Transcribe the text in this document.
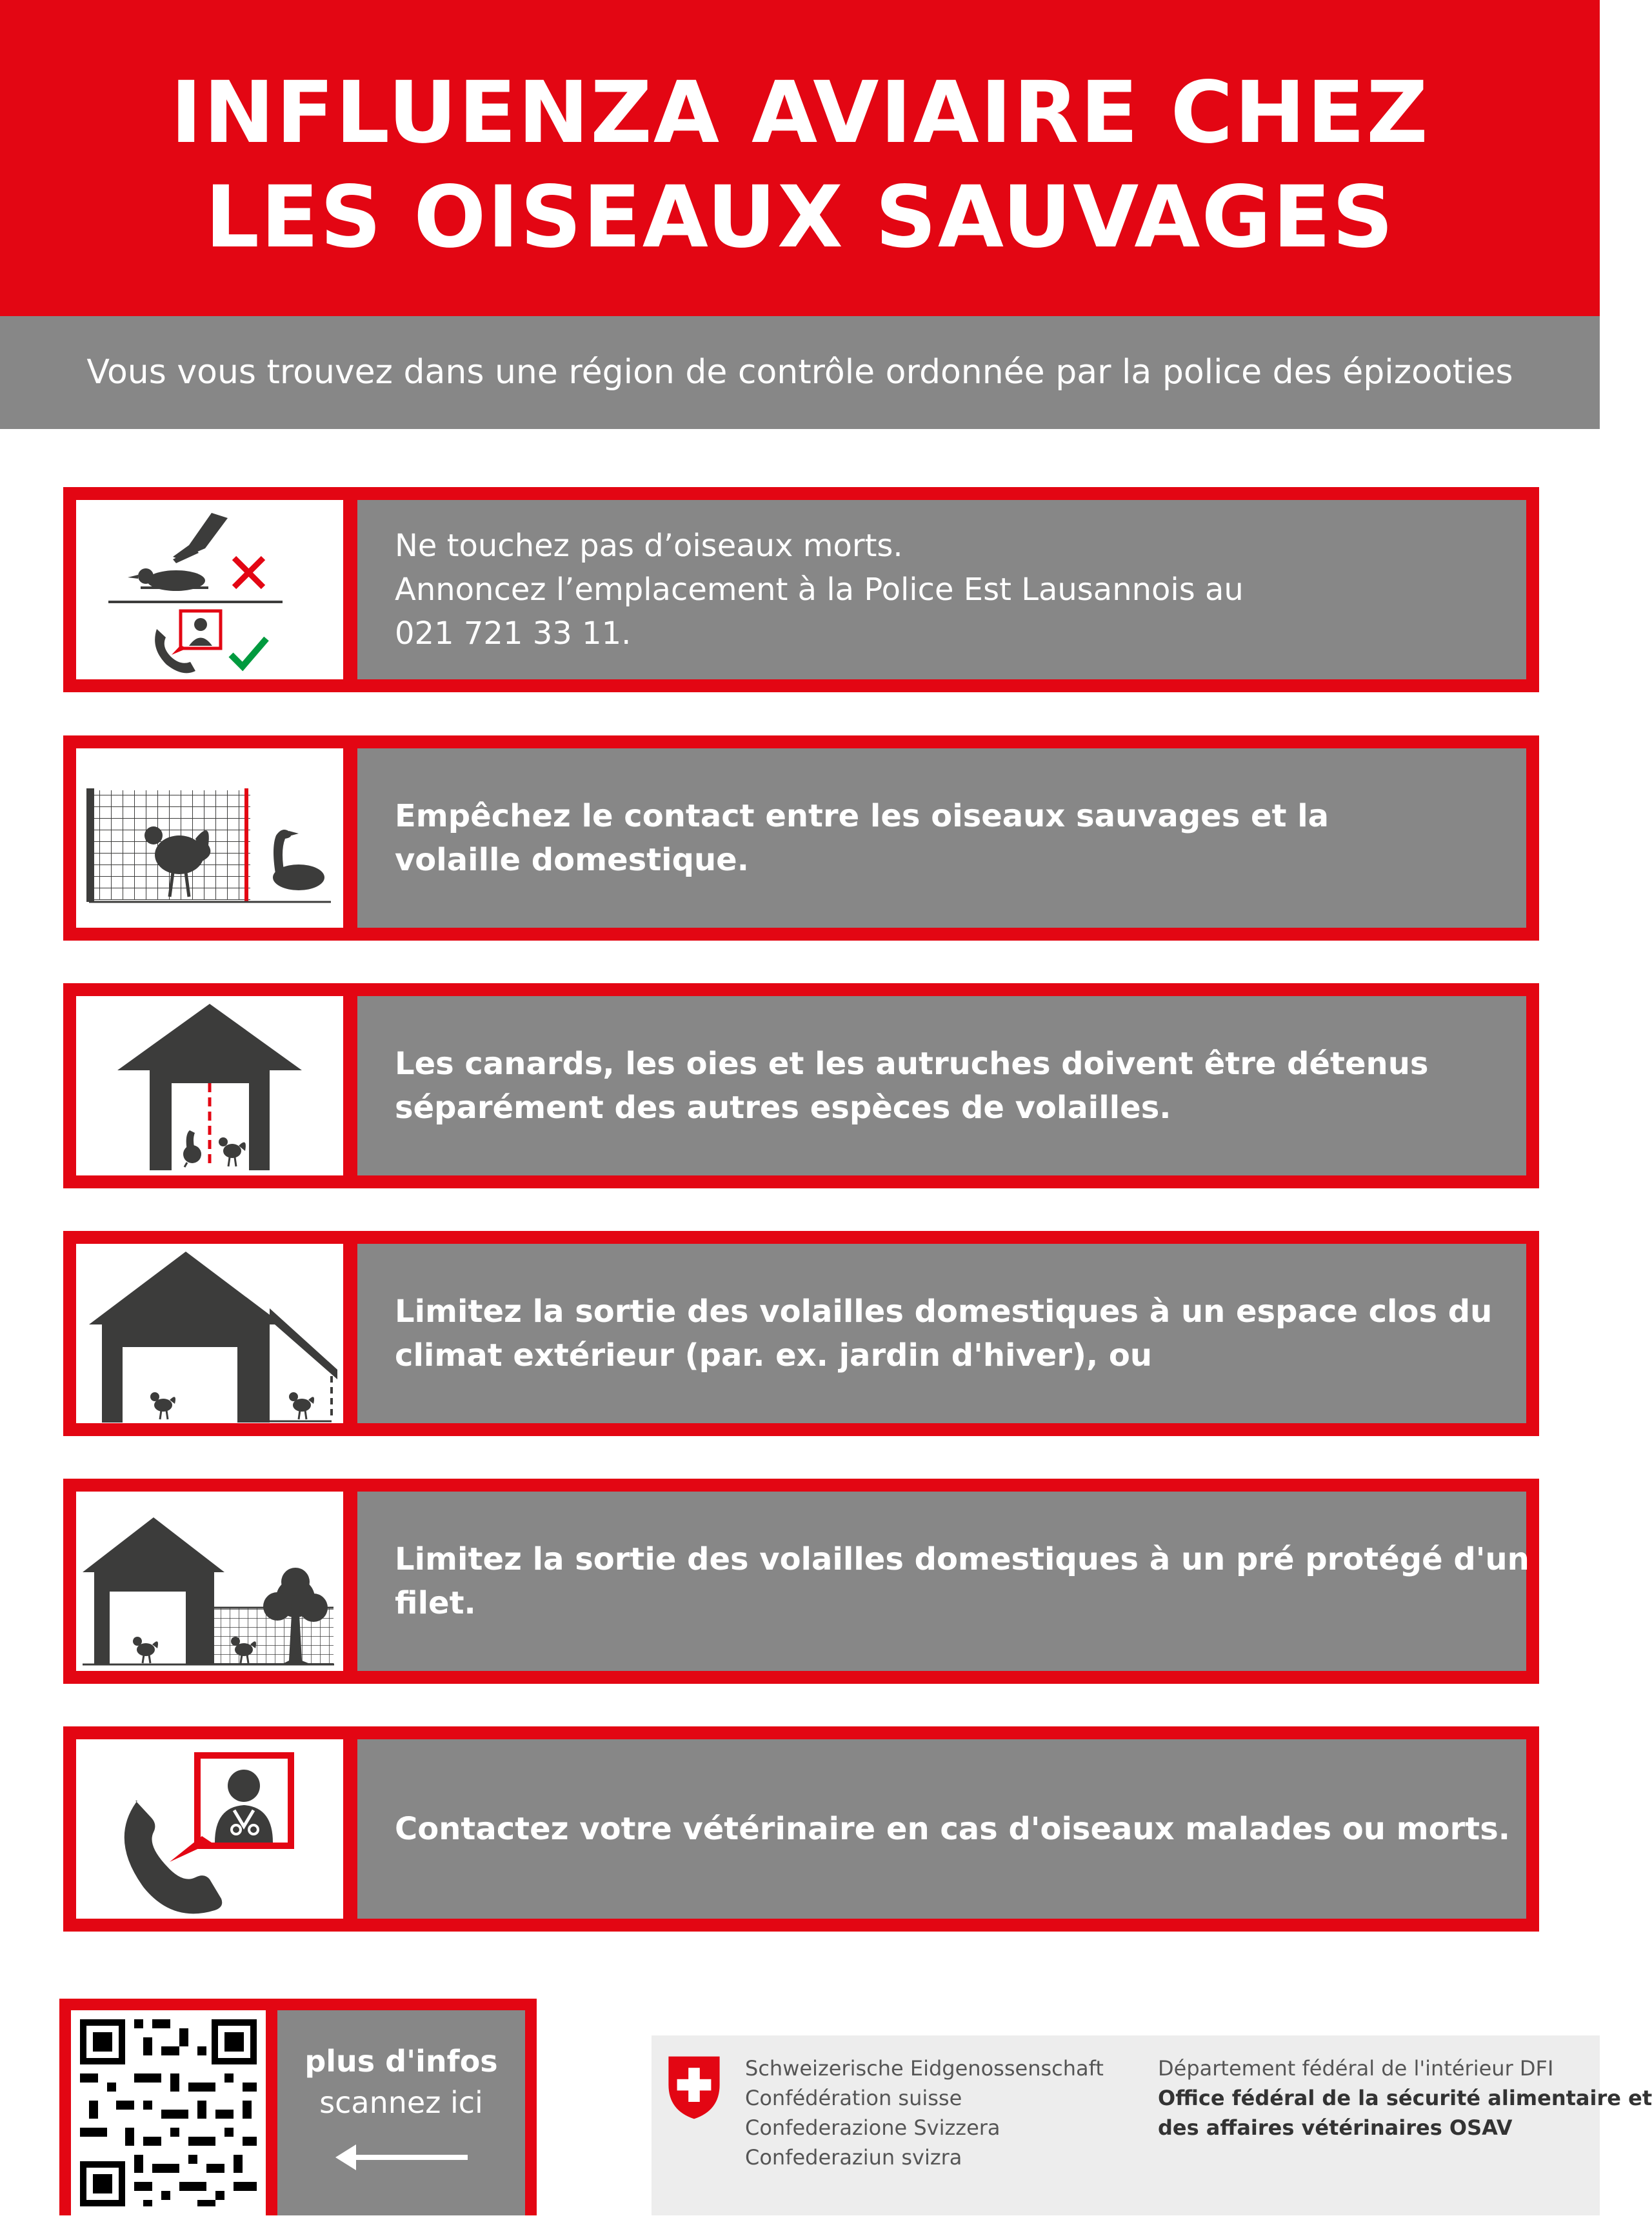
INFLUENZA AVIAIRE CHEZ
LES OISEAUX SAUVAGES
Vous vous trouvez dans une région de contrôle ordonnée par la police des épizooties
Ne touchez pas d’oiseaux morts.
Annoncez l’emplacement à la Police Est Lausannois au
021 721 33 11.
Empêchez le contact entre les oiseaux sauvages et la
volaille domestique.
Les canards, les oies et les autruches doivent être détenus
séparément des autres espèces de volailles.
Limitez la sortie des volailles domestiques à un espace clos du
climat extérieur (par. ex. jardin d'hiver), ou
Limitez la sortie des volailles domestiques à un pré protégé d'un
filet.
Contactez votre vétérinaire en cas d'oiseaux malades ou morts.
plus d'infos
scannez ici
Schweizerische Eidgenossenschaft
Confédération suisse
Confederazione Svizzera
Confederaziun svizra
Département fédéral de l'intérieur DFI
Office fédéral de la sécurité alimentaire et
des affaires vétérinaires OSAV
